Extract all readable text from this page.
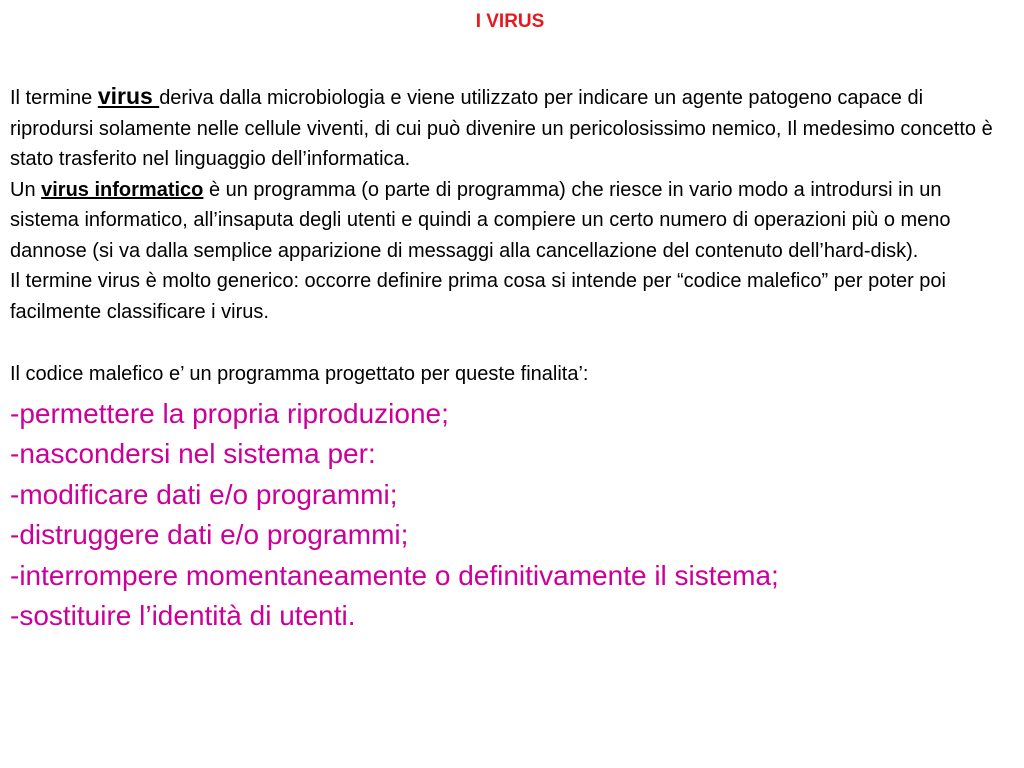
I VIRUS

Il termine virus deriva dalla microbiologia e viene utilizzato per indicare un agente patogeno capace di riprodursi solamente nelle cellule viventi, di cui può divenire un pericolosissimo nemico, Il medesimo concetto è stato trasferito nel linguaggio dell’informatica.

Un virus informatico è un programma (o parte di programma) che riesce in vario modo a introdursi in un sistema informatico, all’insaputa degli utenti e quindi a compiere un certo numero di operazioni più o meno dannose (si va dalla semplice apparizione di messaggi alla cancellazione del contenuto dell’hard-disk).

Il termine virus è molto generico: occorre definire prima cosa si intende per “codice malefico” per poter poi facilmente classificare i virus.

Il codice malefico e’ un programma progettato per queste finalita’:

-permettere la propria riproduzione;
-nascondersi nel sistema per:
-modificare dati e/o programmi;
-distruggere dati e/o programmi;
-interrompere momentaneamente o definitivamente il sistema;
-sostituire l’identità di utenti.
